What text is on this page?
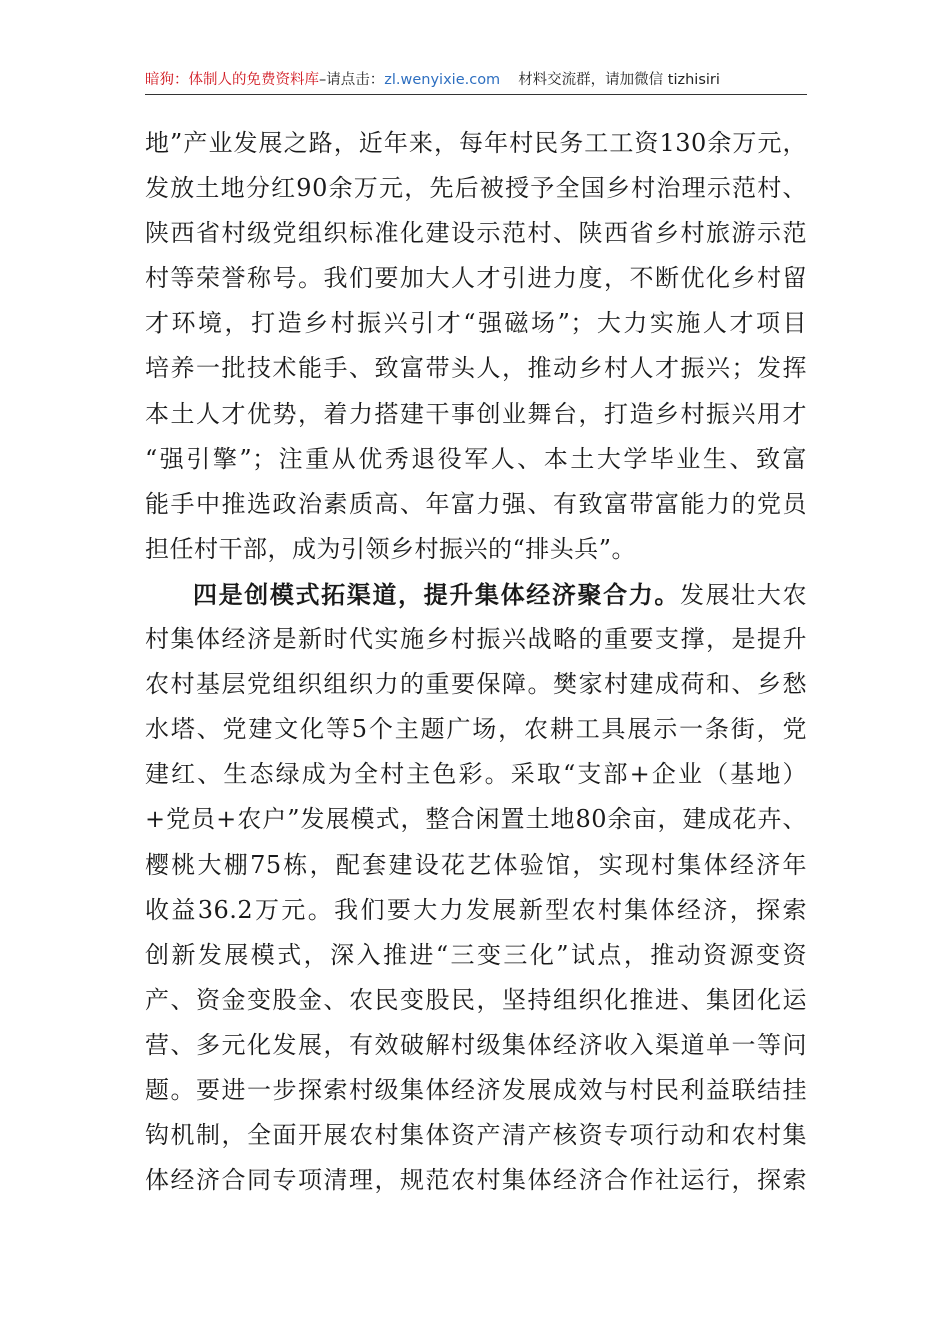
暗狗：体制人的免费资料库–请点击：zl.wenyixie.com 材料交流群，请加微信 tizhisiri
地”产业发展之路，近年来，每年村民务工工资130余万元，
发放土地分红90余万元，先后被授予全国乡村治理示范村、
陕西省村级党组织标准化建设示范村、陕西省乡村旅游示范
村等荣誉称号。我们要加大人才引进力度，不断优化乡村留
才环境，打造乡村振兴引才“强磁场”；大力实施人才项目
培养一批技术能手、致富带头人，推动乡村人才振兴；发挥
本土人才优势，着力搭建干事创业舞台，打造乡村振兴用才
“强引擎”；注重从优秀退役军人、本土大学毕业生、致富
能手中推选政治素质高、年富力强、有致富带富能力的党员
担任村干部，成为引领乡村振兴的“排头兵”。
四是创模式拓渠道，提升集体经济聚合力。发展壮大农
村集体经济是新时代实施乡村振兴战略的重要支撑，是提升
农村基层党组织组织力的重要保障。樊家村建成荷和、乡愁
水塔、党建文化等5个主题广场，农耕工具展示一条街，党
建红、生态绿成为全村主色彩。采取“支部+企业（基地）
+党员+农户”发展模式，整合闲置土地80余亩，建成花卉、
樱桃大棚75栋，配套建设花艺体验馆，实现村集体经济年
收益36.2万元。我们要大力发展新型农村集体经济，探索
创新发展模式，深入推进“三变三化”试点，推动资源变资
产、资金变股金、农民变股民，坚持组织化推进、集团化运
营、多元化发展，有效破解村级集体经济收入渠道单一等问
题。要进一步探索村级集体经济发展成效与村民利益联结挂
钩机制，全面开展农村集体资产清产核资专项行动和农村集
体经济合同专项清理，规范农村集体经济合作社运行，探索
